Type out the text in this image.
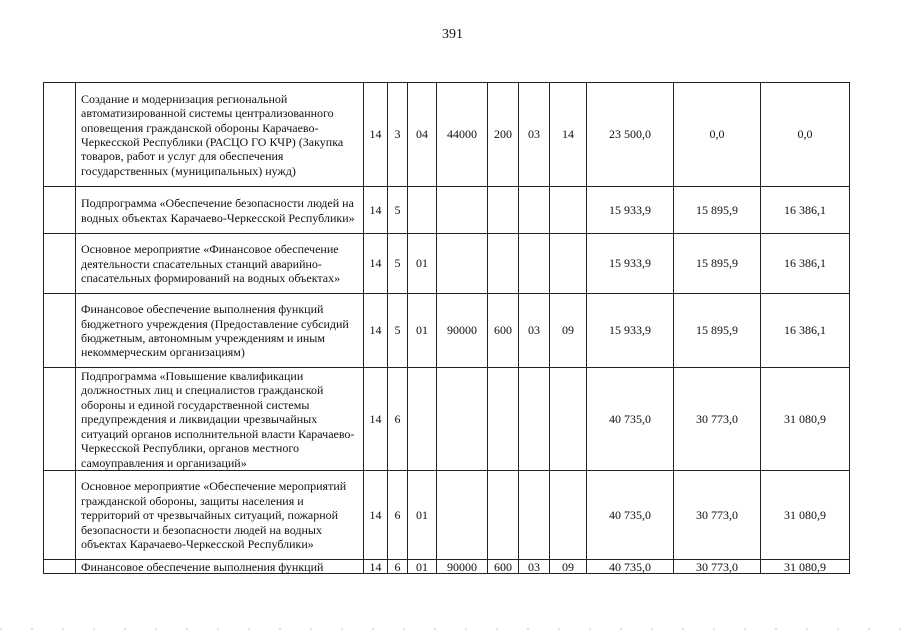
391
	Создание и модернизация региональной автоматизированной системы централизованного оповещения гражданской обороны Карачаево-Черкесской Республики (РАСЦО ГО КЧР) (Закупка товаров, работ и услуг для обеспечения государственных (муниципальных) нужд)	14	3	04	44000	200	03	14	23 500,0	0,0	0,0
	Подпрограмма «Обеспечение безопасности людей на водных объектах Карачаево-Черкесской Республики»	14	5						15 933,9	15 895,9	16 386,1
	Основное мероприятие «Финансовое обеспечение деятельности спасательных станций аварийно-спасательных формирований на водных объектах»	14	5	01					15 933,9	15 895,9	16 386,1
	Финансовое обеспечение выполнения функций бюджетного учреждения (Предоставление субсидий бюджетным, автономным учреждениям и иным некоммерческим организациям)	14	5	01	90000	600	03	09	15 933,9	15 895,9	16 386,1
	Подпрограмма «Повышение квалификации должностных лиц и специалистов гражданской обороны и единой государственной системы предупреждения и ликвидации чрезвычайных ситуаций органов исполнительной власти Карачаево-Черкесской Республики, органов местного самоуправления и организаций»	14	6						40 735,0	30 773,0	31 080,9
	Основное мероприятие «Обеспечение мероприятий гражданской обороны, защиты населения и территорий от чрезвычайных ситуаций, пожарной безопасности и безопасности людей на водных объектах Карачаево-Черкесской Республики»	14	6	01					40 735,0	30 773,0	31 080,9
	Финансовое обеспечение выполнения функций	14	6	01	90000	600	03	09	40 735,0	30 773,0	31 080,9
